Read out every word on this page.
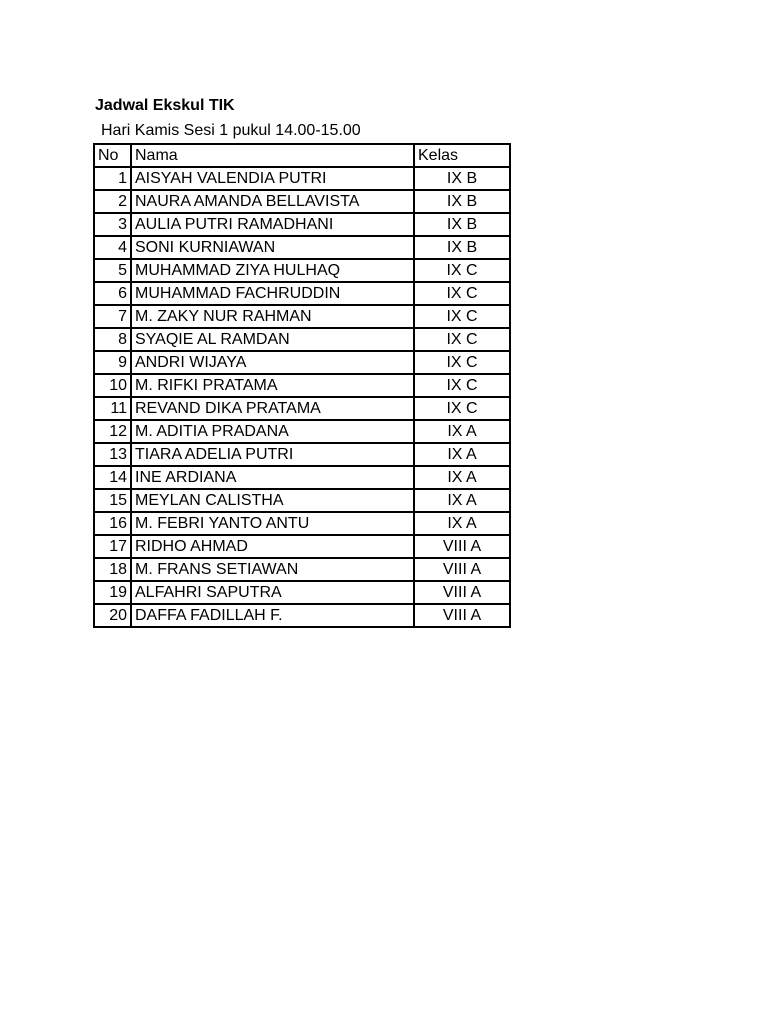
Jadwal Ekskul TIK
Hari Kamis Sesi 1 pukul 14.00-15.00
No	Nama	Kelas
1	AISYAH VALENDIA PUTRI	IX B
2	NAURA AMANDA BELLAVISTA	IX B
3	AULIA PUTRI RAMADHANI	IX B
4	SONI KURNIAWAN	IX B
5	MUHAMMAD ZIYA HULHAQ	IX C
6	MUHAMMAD FACHRUDDIN	IX C
7	M. ZAKY NUR RAHMAN	IX C
8	SYAQIE AL RAMDAN	IX C
9	ANDRI WIJAYA	IX C
10	M. RIFKI PRATAMA	IX C
11	REVAND DIKA PRATAMA	IX C
12	M. ADITIA PRADANA	IX A
13	TIARA ADELIA PUTRI	IX A
14	INE ARDIANA	IX A
15	MEYLAN CALISTHA	IX A
16	M. FEBRI YANTO ANTU	IX A
17	RIDHO AHMAD	VIII A
18	M. FRANS SETIAWAN	VIII A
19	ALFAHRI SAPUTRA	VIII A
20	DAFFA FADILLAH F.	VIII A
